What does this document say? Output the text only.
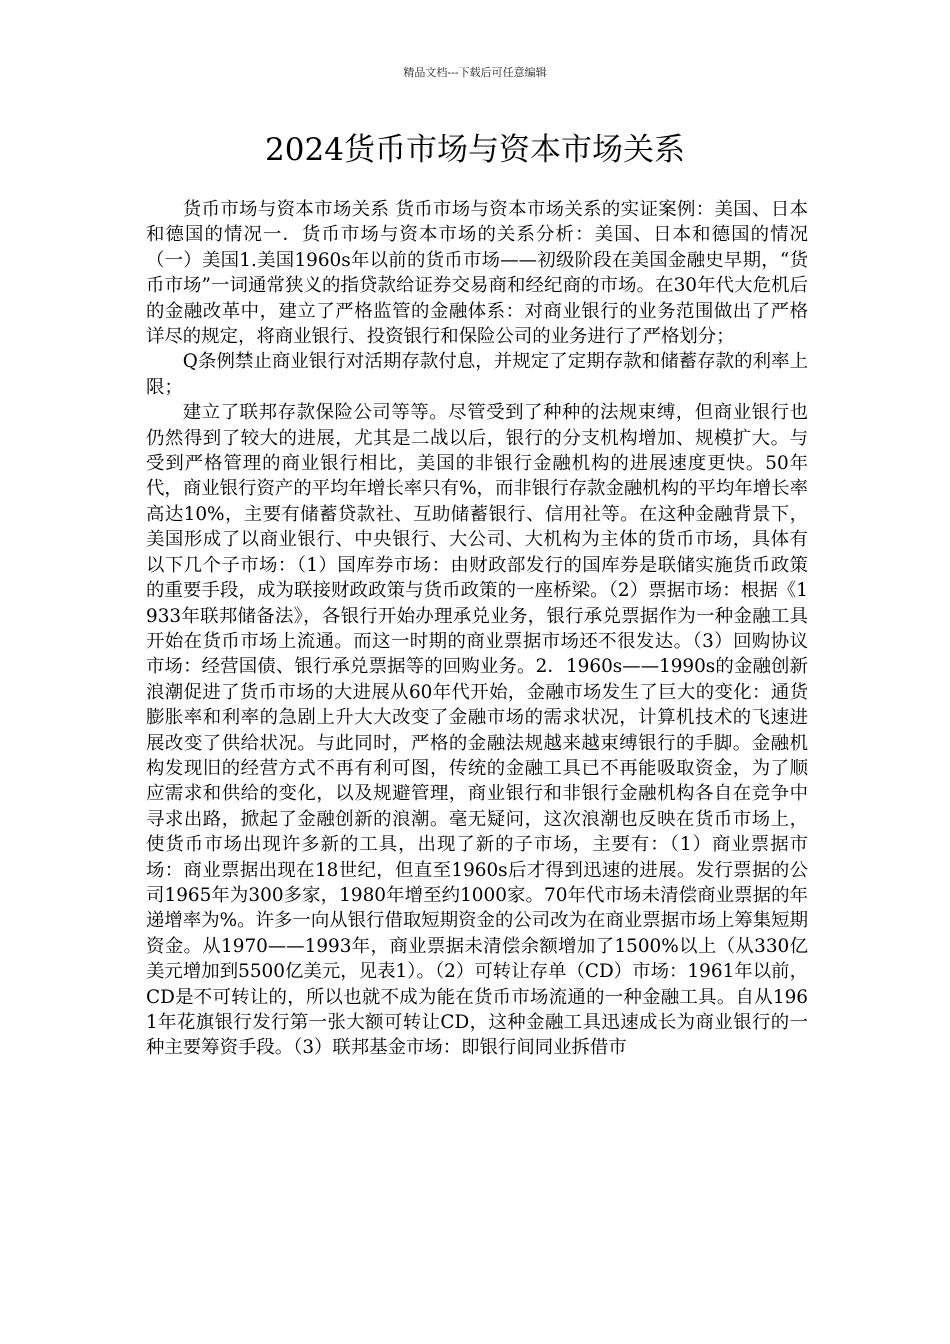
精品文档---下载后可任意编辑
2024货币市场与资本市场关系

货币市场与资本市场关系 货币市场与资本市场关系的实证案例：美国、日本和德国的情况一．货币市场与资本市场的关系分析：美国、日本和德国的情况（一）美国1.美国1960s年以前的货币市场——初级阶段在美国金融史早期，“货币市场”一词通常狭义的指贷款给证券交易商和经纪商的市场。在30年代大危机后的金融改革中，建立了严格监管的金融体系：对商业银行的业务范围做出了严格详尽的规定，将商业银行、投资银行和保险公司的业务进行了严格划分；

Q条例禁止商业银行对活期存款付息，并规定了定期存款和储蓄存款的利率上限；

建立了联邦存款保险公司等等。尽管受到了种种的法规束缚，但商业银行也仍然得到了较大的进展，尤其是二战以后，银行的分支机构增加、规模扩大。与受到严格管理的商业银行相比，美国的非银行金融机构的进展速度更快。50年代，商业银行资产的平均年增长率只有%，而非银行存款金融机构的平均年增长率高达10%，主要有储蓄贷款社、互助储蓄银行、信用社等。在这种金融背景下，美国形成了以商业银行、中央银行、大公司、大机构为主体的货币市场，具体有以下几个子市场：（1）国库券市场：由财政部发行的国库券是联储实施货币政策的重要手段，成为联接财政政策与货币政策的一座桥梁。（2）票据市场：根据《1933年联邦储备法》，各银行开始办理承兑业务，银行承兑票据作为一种金融工具开始在货币市场上流通。而这一时期的商业票据市场还不很发达。（3）回购协议市场：经营国债、银行承兑票据等的回购业务。2．1960s——1990s的金融创新浪潮促进了货币市场的大进展从60年代开始，金融市场发生了巨大的变化：通货膨胀率和利率的急剧上升大大改变了金融市场的需求状况，计算机技术的飞速进展改变了供给状况。与此同时，严格的金融法规越来越束缚银行的手脚。金融机构发现旧的经营方式不再有利可图，传统的金融工具已不再能吸取资金，为了顺应需求和供给的变化，以及规避管理，商业银行和非银行金融机构各自在竞争中寻求出路，掀起了金融创新的浪潮。毫无疑问，这次浪潮也反映在货币市场上，使货币市场出现许多新的工具，出现了新的子市场，主要有：（1）商业票据市场：商业票据出现在18世纪，但直至1960s后才得到迅速的进展。发行票据的公司1965年为300多家，1980年增至约1000家。70年代市场未清偿商业票据的年递增率为%。许多一向从银行借取短期资金的公司改为在商业票据市场上筹集短期资金。从1970——1993年，商业票据未清偿余额增加了1500%以上（从330亿美元增加到5500亿美元，见表1）。（2）可转让存单（CD）市场：1961年以前，CD是不可转让的，所以也就不成为能在货币市场流通的一种金融工具。自从1961年花旗银行发行第一张大额可转让CD，这种金融工具迅速成长为商业银行的一种主要筹资手段。（3）联邦基金市场：即银行间同业拆借市
